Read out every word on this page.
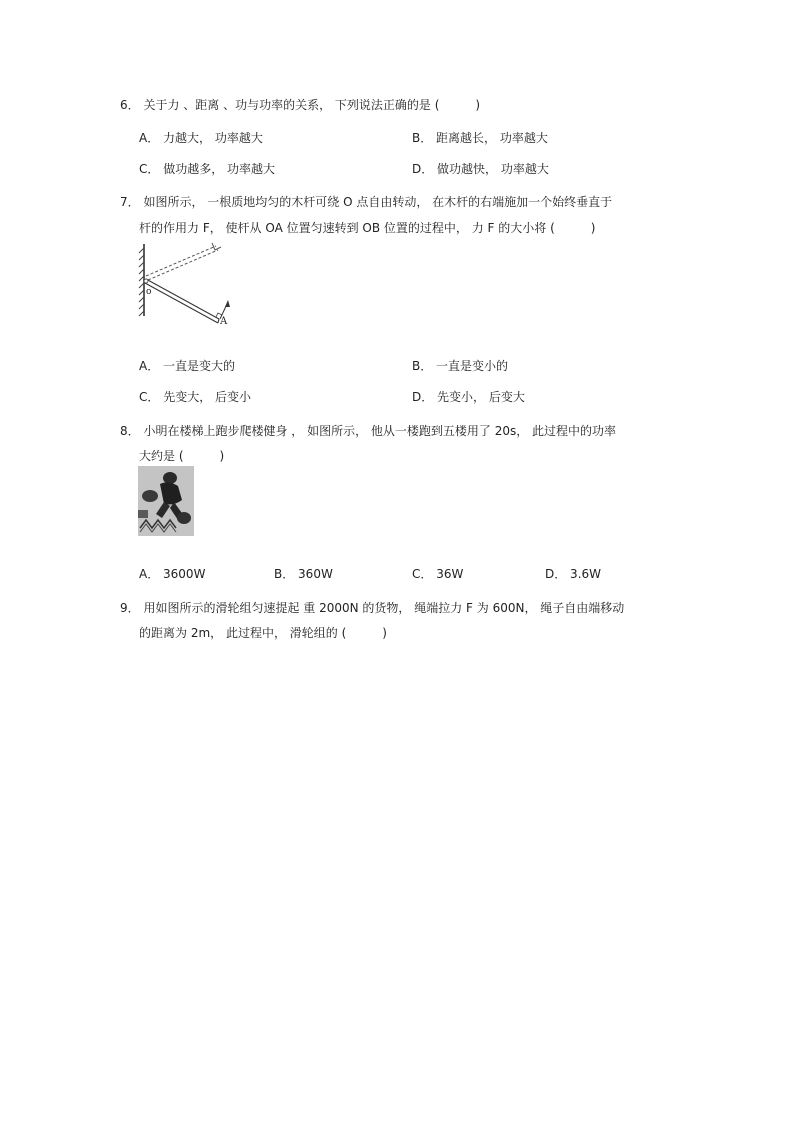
6． 关于力 、距离 、功与功率的关系， 下列说法正确的是 (　　　)
A． 力越大， 功率越大	B． 距离越长， 功率越大
C． 做功越多， 功率越大	D． 做功越快， 功率越大
7． 如图所示， 一根质地均匀的木杆可绕 O 点自由转动， 在木杆的右端施加一个始终垂直于
杆的作用力 F， 使杆从 OA 位置匀速转到 OB 位置的过程中， 力 F 的大小将 (　　　)
o
A
A． 一直是变大的	B． 一直是变小的
C． 先变大， 后变小	D． 先变小， 后变大
8． 小明在楼梯上跑步爬楼健身 ， 如图所示， 他从一楼跑到五楼用了 20s， 此过程中的功率
大约是 (　　　)
A． 3600W	B． 360W	C． 36W	D． 3.6W
9． 用如图所示的滑轮组匀速提起 重 2000N 的货物， 绳端拉力 F 为 600N， 绳子自由端移动
的距离为 2m， 此过程中， 滑轮组的 (　　　)
